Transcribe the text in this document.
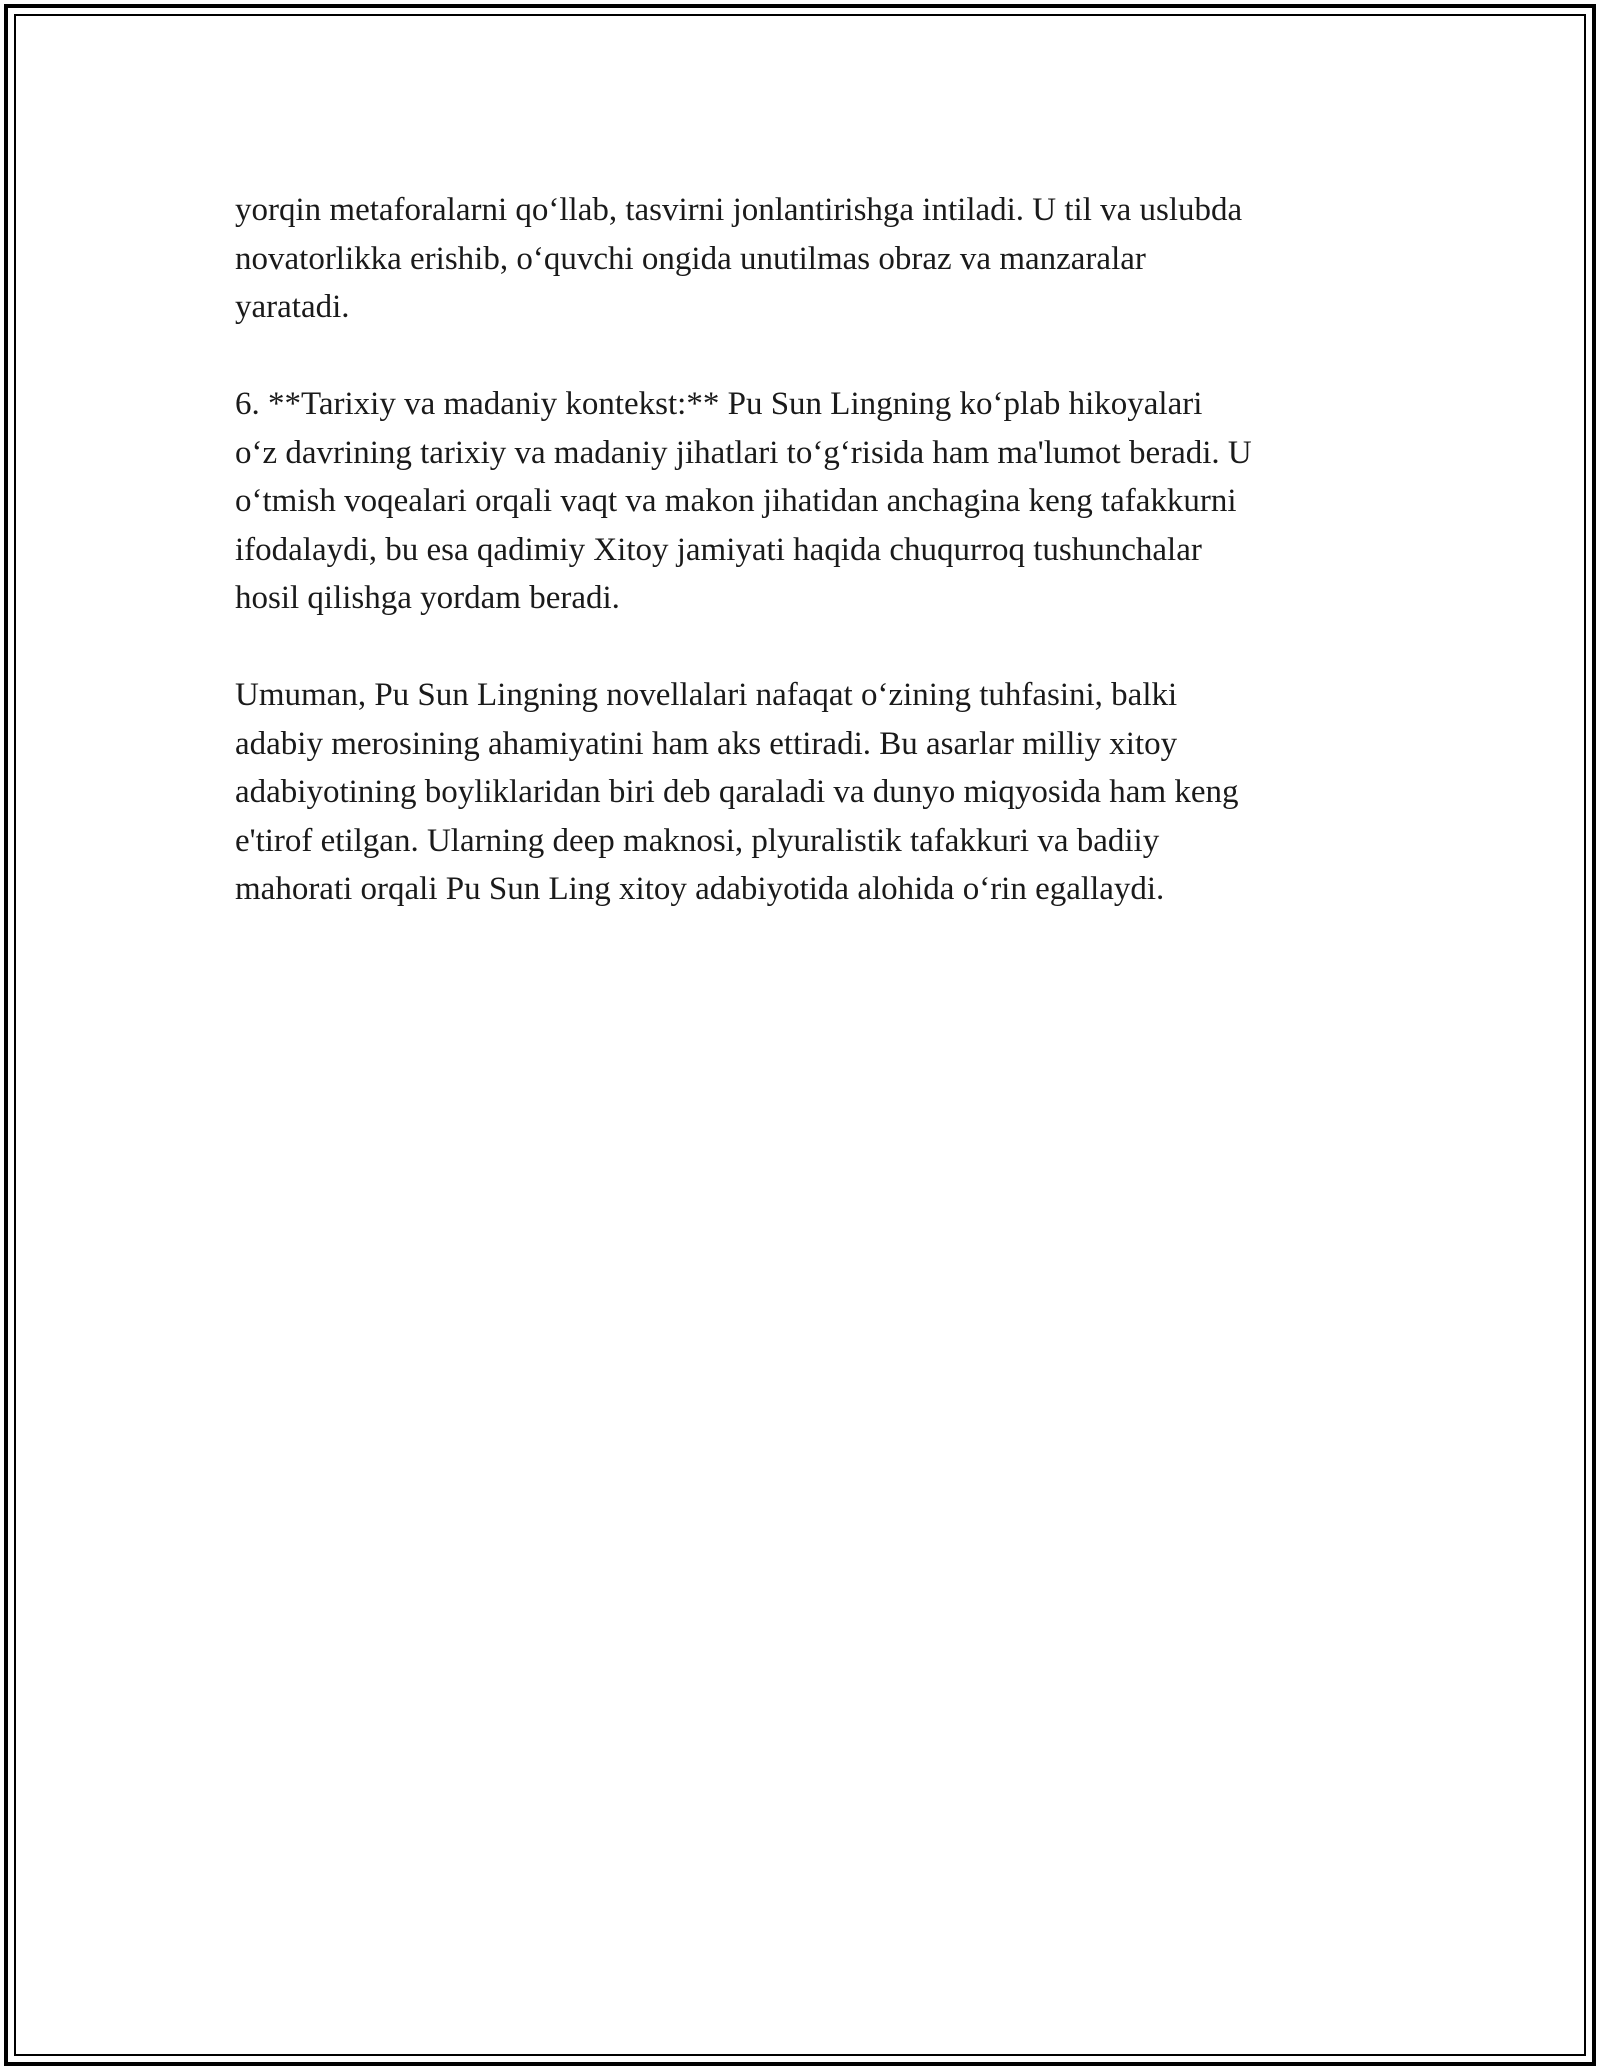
yorqin metaforalarni qo‘llab, tasvirni jonlantirishga intiladi. U til va uslubda
novatorlikka erishib, o‘quvchi ongida unutilmas obraz va manzaralar
yaratadi.

6. **Tarixiy va madaniy kontekst:** Pu Sun Lingning ko‘plab hikoyalari
o‘z davrining tarixiy va madaniy jihatlari to‘g‘risida ham ma'lumot beradi. U
o‘tmish voqealari orqali vaqt va makon jihatidan anchagina keng tafakkurni
ifodalaydi, bu esa qadimiy Xitoy jamiyati haqida chuqurroq tushunchalar
hosil qilishga yordam beradi.

Umuman, Pu Sun Lingning novellalari nafaqat o‘zining tuhfasini, balki
adabiy merosining ahamiyatini ham aks ettiradi. Bu asarlar milliy xitoy
adabiyotining boyliklaridan biri deb qaraladi va dunyo miqyosida ham keng
e'tirof etilgan. Ularning deep maknosi, plyuralistik tafakkuri va badiiy
mahorati orqali Pu Sun Ling xitoy adabiyotida alohida o‘rin egallaydi.
